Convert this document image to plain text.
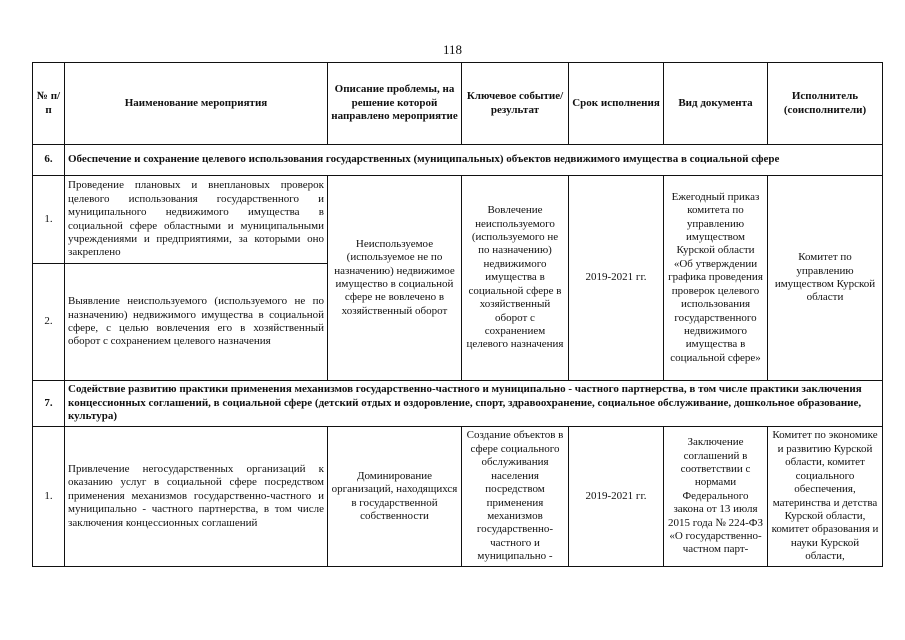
118
№ п/п	Наименование мероприятия	Описание проблемы, на решение которой направлено мероприятие	Ключевое событие/ результат	Срок исполнения	Вид документа	Исполнитель (соисполнители)
6.	Обеспечение и сохранение целевого использования государственных (муниципальных) объектов недвижимого имущества в социальной сфере					
1.	Проведение плановых и внеплановых проверок целевого использования государственного и муниципального недвижимого имущества в социальной сфере областными и муниципальными учреждениями и предприятиями, за которыми оно закреплено	Неиспользуемое (используемое не по назначению) недвижимое имущество в социальной сфере не вовлечено в хозяйственный оборот	Вовлечение неиспользуемого (используемого не по назначению) недвижимого имущества в социальной сфере в хозяйственный оборот с сохранением целевого назначения	2019-2021 гг.	Ежегодный приказ комитета по управлению имуществом Курской области «Об утверждении графика проведения проверок целевого использования государственного недвижимого имущества в социальной сфере»	Комитет по управлению имуществом Курской области
2.	Выявление неиспользуемого (используемого не по назначению) недвижимого имущества в социальной сфере, с целью вовлечения его в хозяйственный оборот с сохранением целевого назначения					
7.	Содействие развитию практики применения механизмов государственно-частного и муниципально - частного партнерства, в том числе практики заключения концессионных соглашений, в социальной сфере (детский отдых и оздоровление, спорт, здравоохранение, социальное обслуживание, дошкольное образование, культура)					
1.	Привлечение негосударственных организаций к оказанию услуг в социальной сфере посредством применения механизмов государственно-частного и муниципально - частного партнерства, в том числе заключения концессионных соглашений	Доминирование организаций, находящихся в государственной собственности	Создание объектов в сфере социального обслуживания населения посредством применения механизмов государственно-частного и муниципально -	2019-2021 гг.	Заключение соглашений в соответствии с нормами Федерального закона от 13 июля 2015 года № 224-ФЗ «О государственно-частном парт-	Комитет по экономике и развитию Курской области, комитет социального обеспечения, материнства и детства Курской области, комитет образования и науки Курской области,
